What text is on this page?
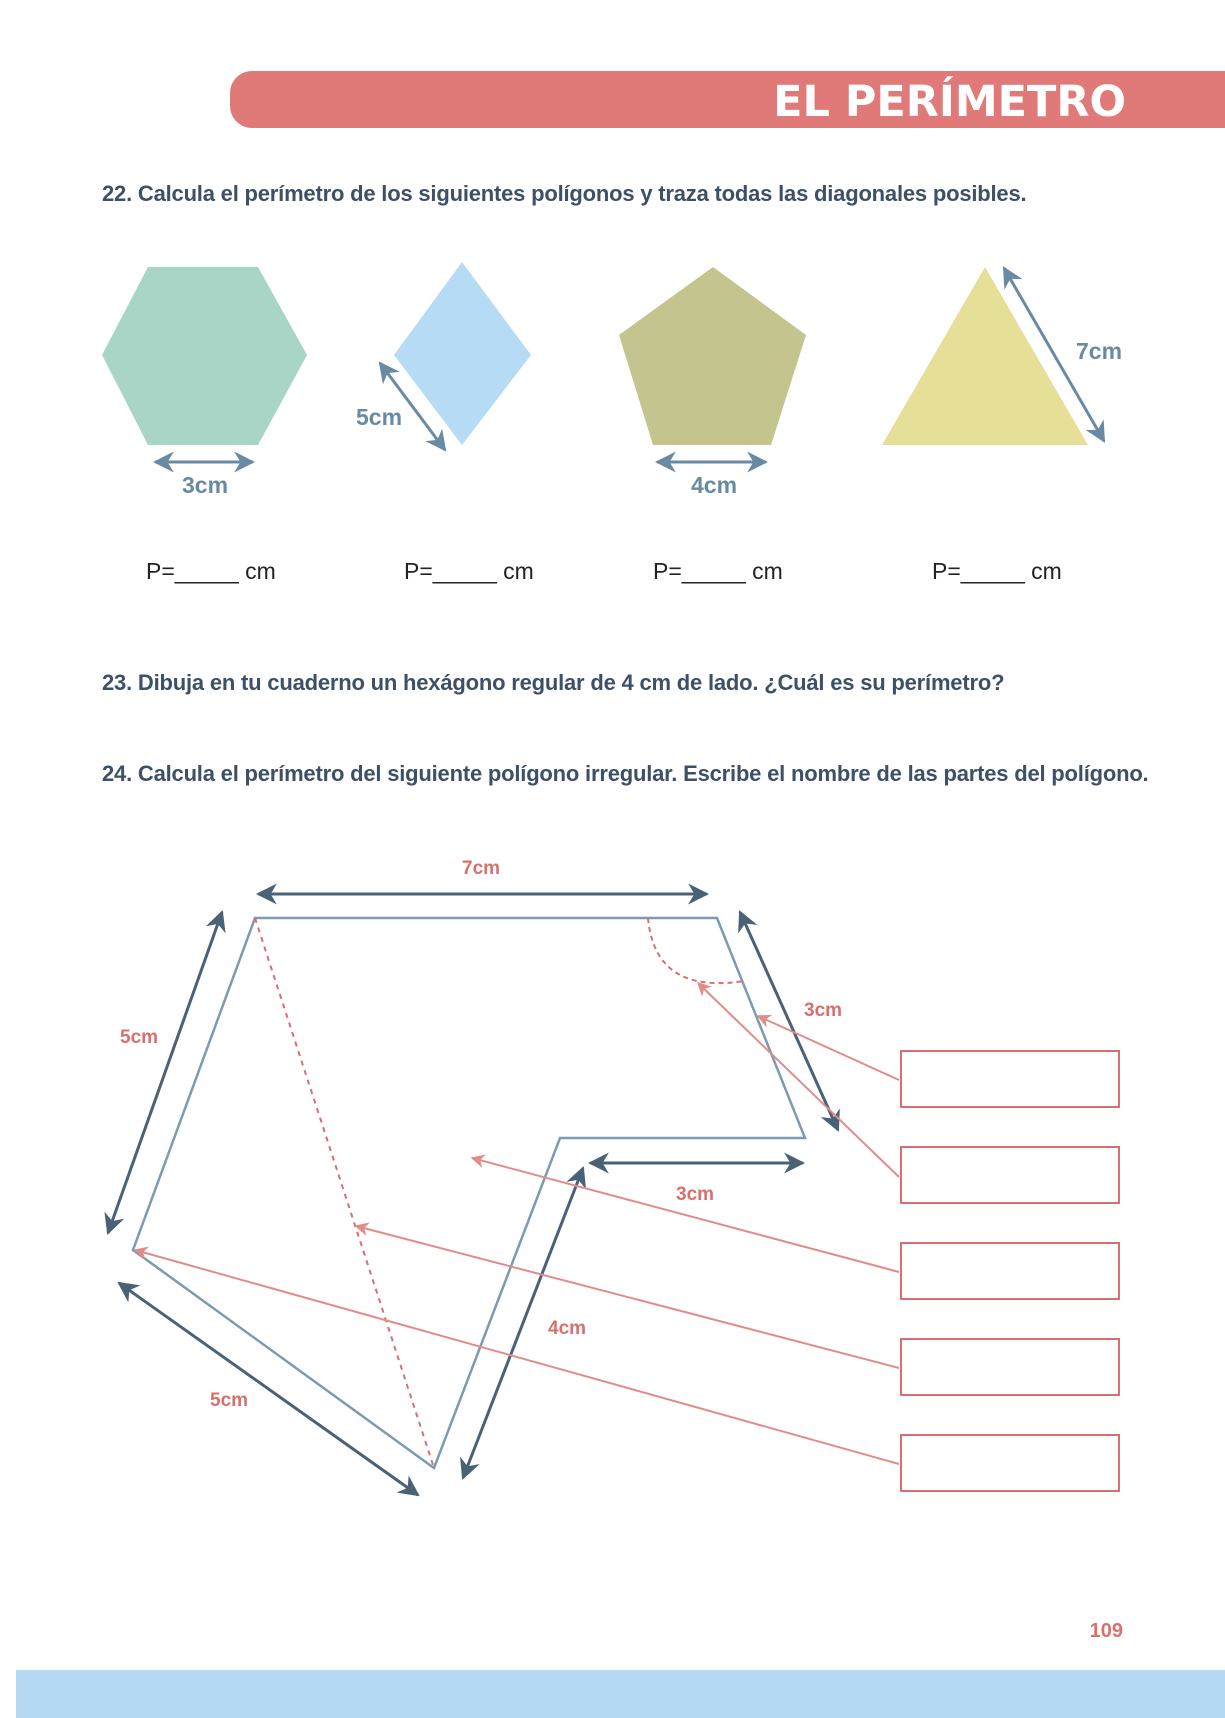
EL PERÍMETRO
22. Calcula el perímetro de los siguientes polígonos y traza todas las diagonales posibles.
3cm
5cm
4cm
7cm
7cm
3cm
3cm
4cm
5cm
5cm
P=_____ cm	P=_____ cm	P=_____ cm	P=_____ cm
23. Dibuja en tu cuaderno un hexágono regular de 4 cm de lado. ¿Cuál es su perímetro?
24. Calcula el perímetro del siguiente polígono irregular. Escribe el nombre de las partes del polígono.
109
